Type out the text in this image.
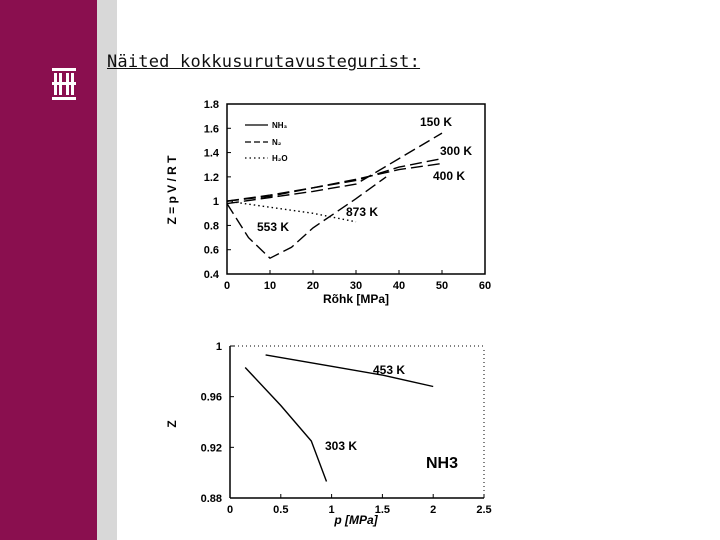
Näited kokkusurutavustegurist:
0	10	20	30	40	50	60
0.4
0.6
0.8
1
1.2
1.4
1.6
1.8
150 K
300 K
400 K
553 K
873 K
NH₃
N₂
H₂O
Rõhk [MPa]
Z = p V / R T
0	0.5	1	1.5	2	2.5
0.88
0.92
0.96
1
453 K
303 K
NH3
p [MPa]
Z
